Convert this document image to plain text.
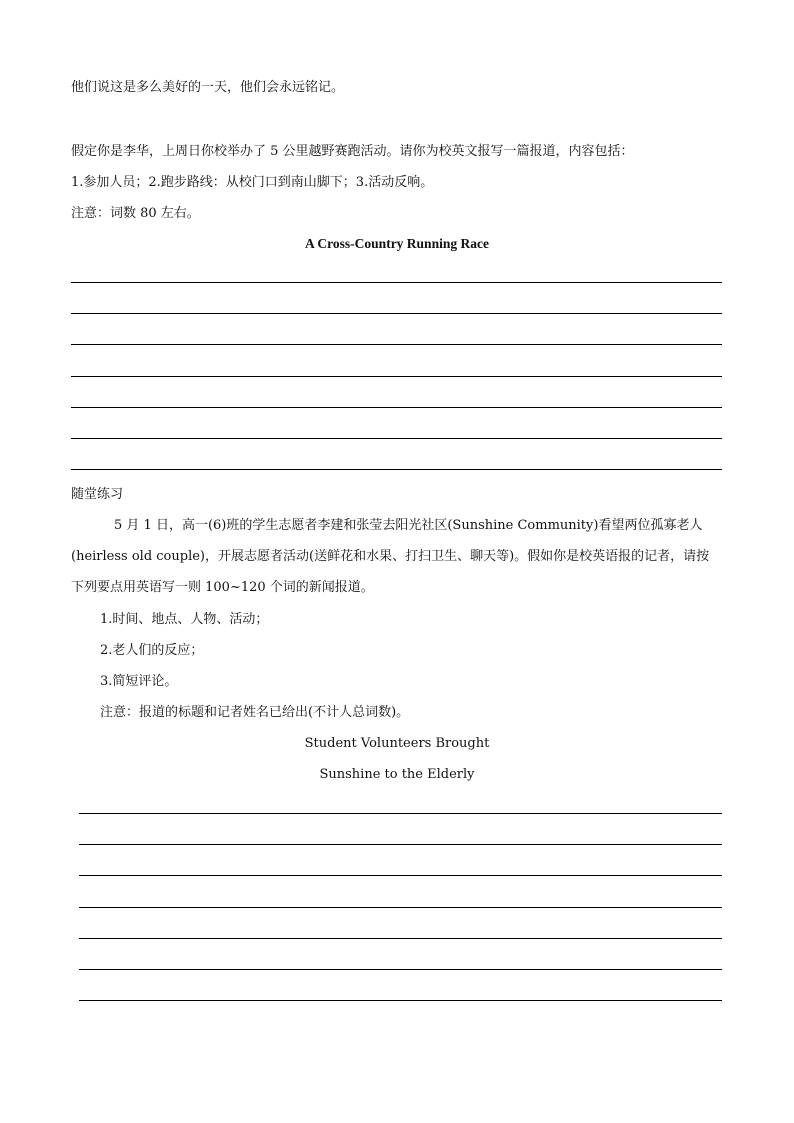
他们说这是多么美好的一天，他们会永远铭记。
假定你是李华，上周日你校举办了 5 公里越野赛跑活动。请你为校英文报写一篇报道，内容包括：
1.参加人员；2.跑步路线：从校门口到南山脚下；3.活动反响。
注意：词数 80 左右。
A Cross-Country Running Race
随堂练习
5 月 1 日，高一(6)班的学生志愿者李建和张莹去阳光社区(Sunshine Community)看望两位孤寡老人
(heirless old couple)，开展志愿者活动(送鲜花和水果、打扫卫生、聊天等)。假如你是校英语报的记者，请按
下列要点用英语写一则 100~120 个词的新闻报道。
1.时间、地点、人物、活动；
2.老人们的反应；
3.简短评论。
注意：报道的标题和记者姓名已给出(不计人总词数)。
Student Volunteers Brought
Sunshine to the Elderly
